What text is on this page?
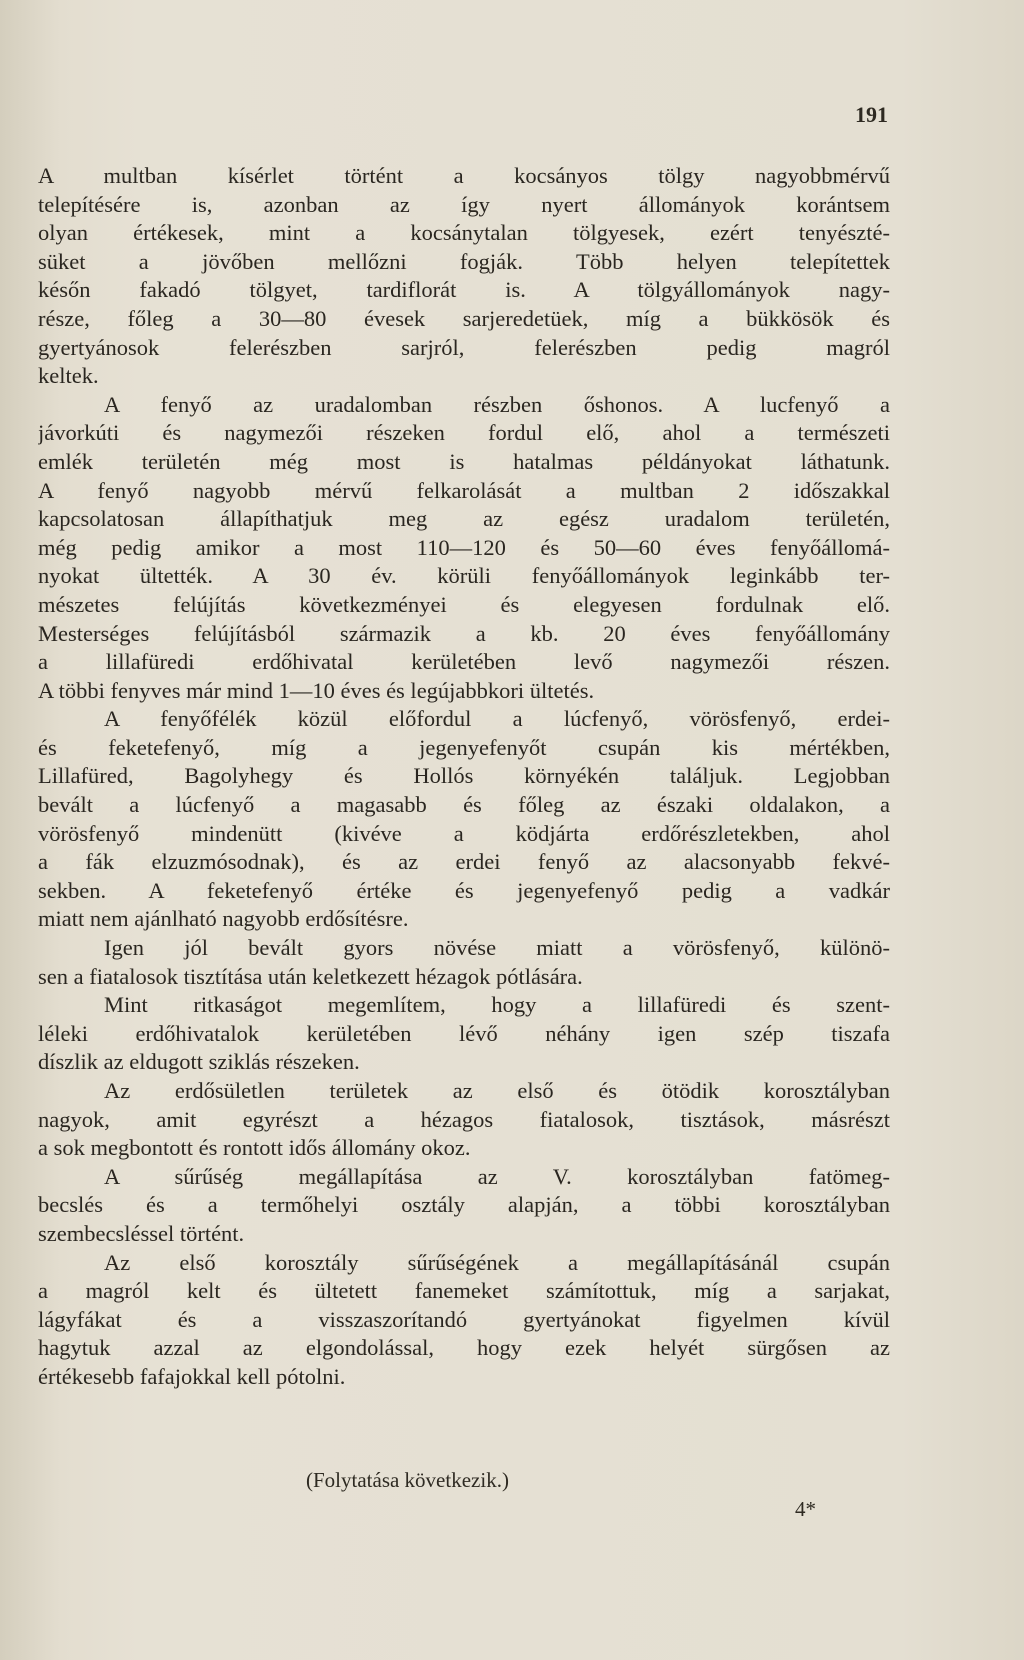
191
A multban kísérlet történt a kocsányos tölgy nagyobbmérvű
telepítésére is, azonban az így nyert állományok korántsem
olyan értékesek, mint a kocsánytalan tölgyesek, ezért tenyészté-
süket a jövőben mellőzni fogják. Több helyen telepítettek
későn fakadó tölgyet, tardiflorát is. A tölgyállományok nagy-
része, főleg a 30—80 évesek sarjeredetüek, míg a bükkösök és
gyertyánosok felerészben sarjról, felerészben pedig magról
keltek.
A fenyő az uradalomban részben őshonos. A lucfenyő a
jávorkúti és nagymezői részeken fordul elő, ahol a természeti
emlék területén még most is hatalmas példányokat láthatunk.
A fenyő nagyobb mérvű felkarolását a multban 2 időszakkal
kapcsolatosan állapíthatjuk meg az egész uradalom területén,
még pedig amikor a most 110—120 és 50—60 éves fenyőállomá-
nyokat ültették. A 30 év. körüli fenyőállományok leginkább ter-
mészetes felújítás következményei és elegyesen fordulnak elő.
Mesterséges felújításból származik a kb. 20 éves fenyőállomány
a lillafüredi erdőhivatal kerületében levő nagymezői részen.
A többi fenyves már mind 1—10 éves és legújabbkori ültetés.
A fenyőfélék közül előfordul a lúcfenyő, vörösfenyő, erdei-
és feketefenyő, míg a jegenyefenyőt csupán kis mértékben,
Lillafüred, Bagolyhegy és Hollós környékén találjuk. Legjobban
bevált a lúcfenyő a magasabb és főleg az északi oldalakon, a
vörösfenyő mindenütt (kivéve a ködjárta erdőrészletekben, ahol
a fák elzuzmósodnak), és az erdei fenyő az alacsonyabb fekvé-
sekben. A feketefenyő értéke és jegenyefenyő pedig a vadkár
miatt nem ajánlható nagyobb erdősítésre.
Igen jól bevált gyors növése miatt a vörösfenyő, különö-
sen a fiatalosok tisztítása után keletkezett hézagok pótlására.
Mint ritkaságot megemlítem, hogy a lillafüredi és szent-
léleki erdőhivatalok kerületében lévő néhány igen szép tiszafa
díszlik az eldugott sziklás részeken.
Az erdősületlen területek az első és ötödik korosztályban
nagyok, amit egyrészt a hézagos fiatalosok, tisztások, másrészt
a sok megbontott és rontott idős állomány okoz.
A sűrűség megállapítása az V. korosztályban fatömeg-
becslés és a termőhelyi osztály alapján, a többi korosztályban
szembecsléssel történt.
Az első korosztály sűrűségének a megállapításánál csupán
a magról kelt és ültetett fanemeket számítottuk, míg a sarjakat,
lágyfákat és a visszaszorítandó gyertyánokat figyelmen kívül
hagytuk azzal az elgondolással, hogy ezek helyét sürgősen az
értékesebb fafajokkal kell pótolni.
(Folytatása következik.)
4*
